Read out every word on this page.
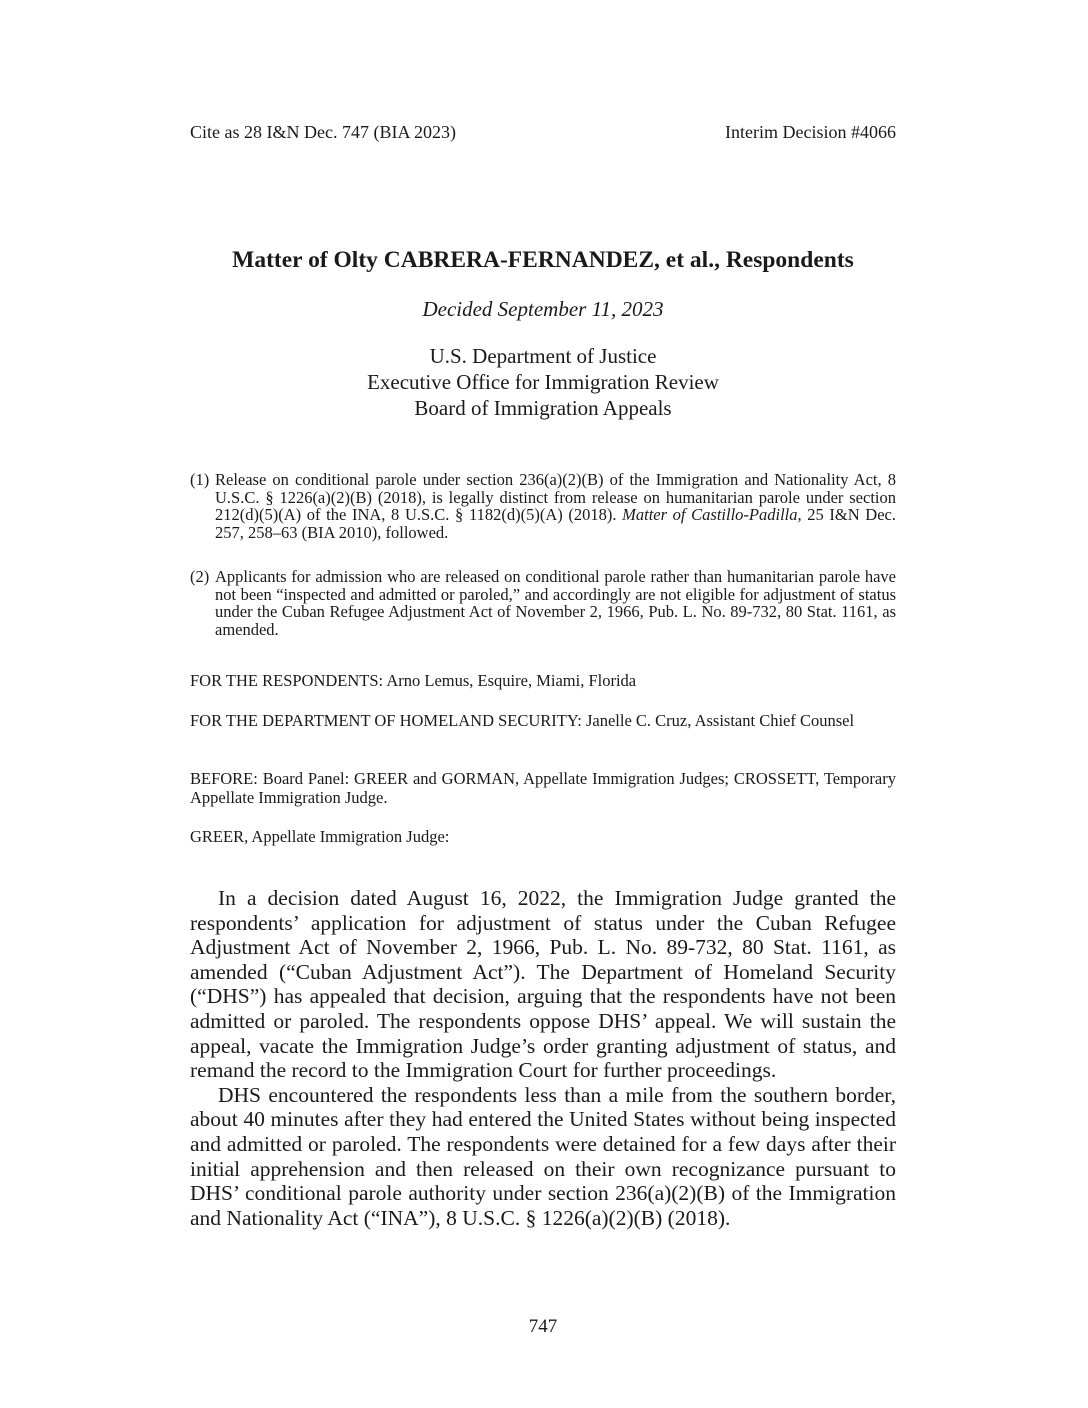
Cite as 28 I&N Dec. 747 (BIA 2023)	Interim Decision #4066
Matter of Olty CABRERA-FERNANDEZ, et al., Respondents
Decided September 11, 2023
U.S. Department of Justice
Executive Office for Immigration Review
Board of Immigration Appeals
(1) Release on conditional parole under section 236(a)(2)(B) of the Immigration and Nationality Act, 8 U.S.C. § 1226(a)(2)(B) (2018), is legally distinct from release on humanitarian parole under section 212(d)(5)(A) of the INA, 8 U.S.C. § 1182(d)(5)(A) (2018). Matter of Castillo-Padilla, 25 I&N Dec. 257, 258–63 (BIA 2010), followed.
(2) Applicants for admission who are released on conditional parole rather than humanitarian parole have not been “inspected and admitted or paroled,” and accordingly are not eligible for adjustment of status under the Cuban Refugee Adjustment Act of November 2, 1966, Pub. L. No. 89-732, 80 Stat. 1161, as amended.
FOR THE RESPONDENTS: Arno Lemus, Esquire, Miami, Florida
FOR THE DEPARTMENT OF HOMELAND SECURITY: Janelle C. Cruz, Assistant Chief Counsel
BEFORE: Board Panel: GREER and GORMAN, Appellate Immigration Judges; CROSSETT, Temporary Appellate Immigration Judge.
GREER, Appellate Immigration Judge:

In a decision dated August 16, 2022, the Immigration Judge granted the respondents’ application for adjustment of status under the Cuban Refugee Adjustment Act of November 2, 1966, Pub. L. No. 89-732, 80 Stat. 1161, as amended (“Cuban Adjustment Act”). The Department of Homeland Security (“DHS”) has appealed that decision, arguing that the respondents have not been admitted or paroled. The respondents oppose DHS’ appeal. We will sustain the appeal, vacate the Immigration Judge’s order granting adjustment of status, and remand the record to the Immigration Court for further proceedings.

DHS encountered the respondents less than a mile from the southern border, about 40 minutes after they had entered the United States without being inspected and admitted or paroled. The respondents were detained for a few days after their initial apprehension and then released on their own recognizance pursuant to DHS’ conditional parole authority under section 236(a)(2)(B) of the Immigration and Nationality Act (“INA”), 8 U.S.C. § 1226(a)(2)(B) (2018).

747
